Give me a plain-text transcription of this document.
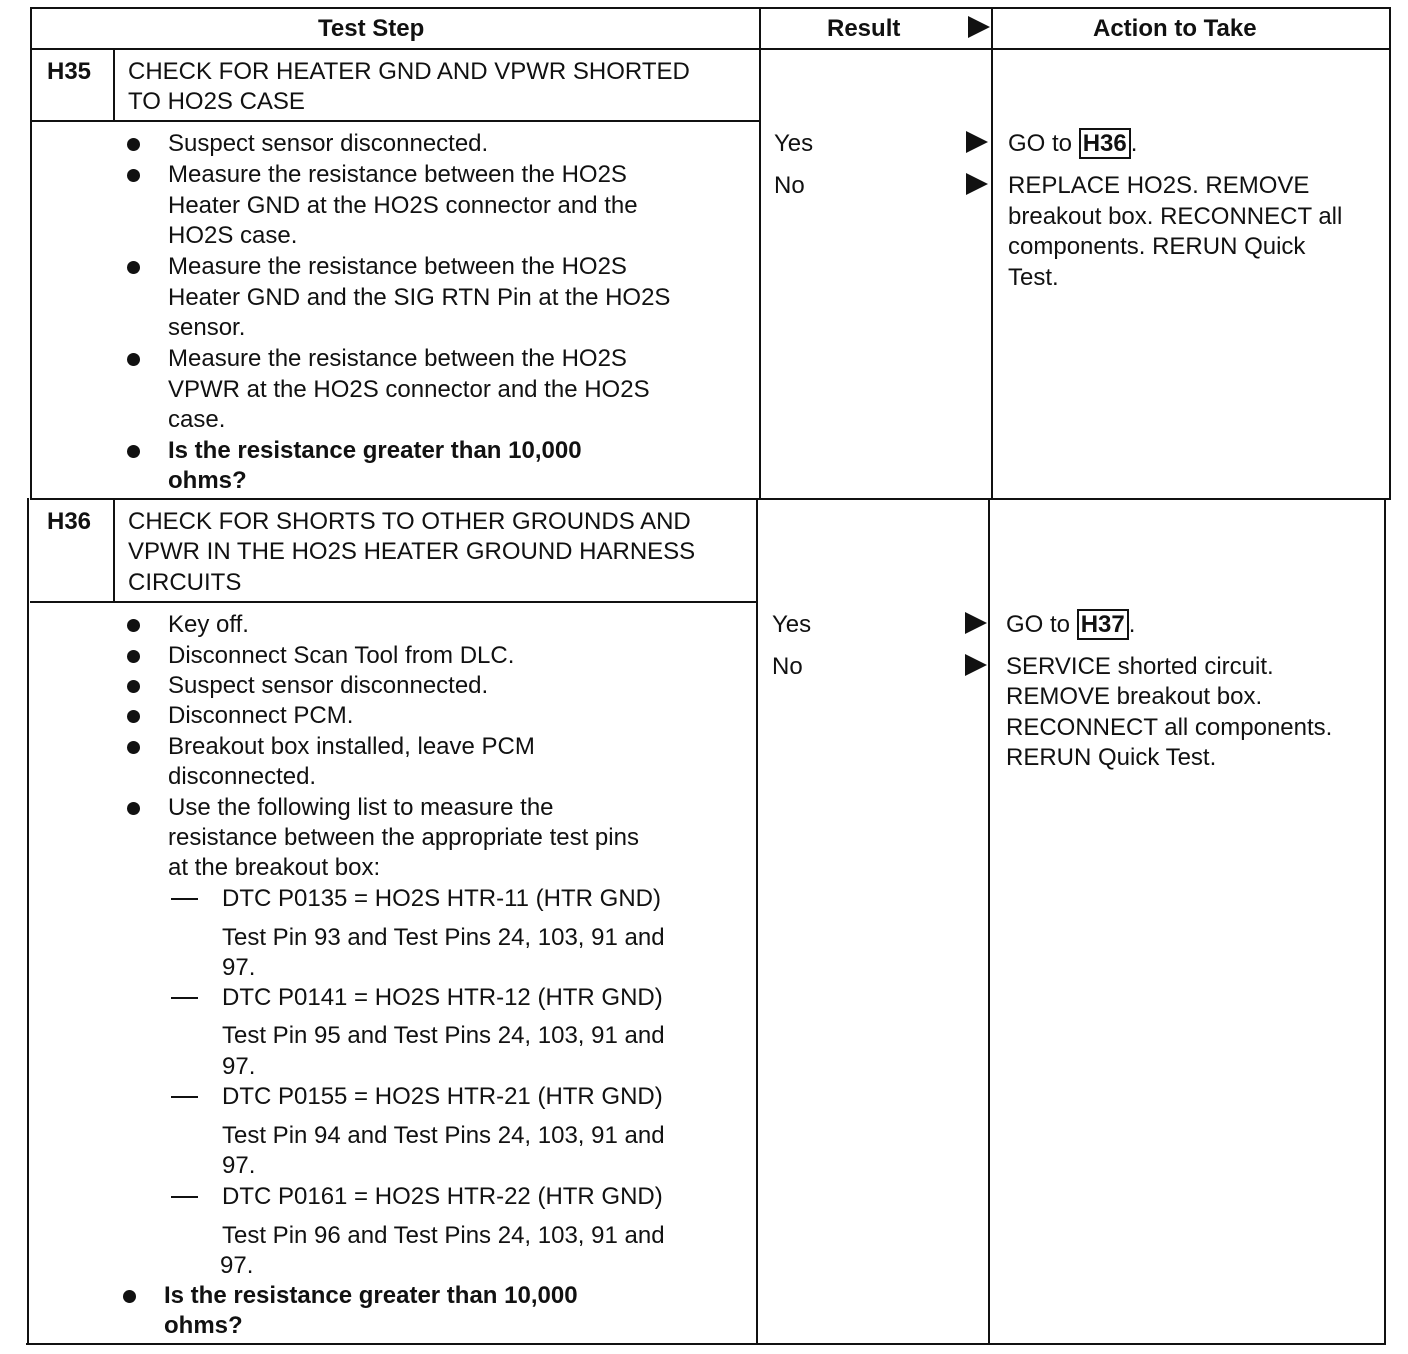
Test Step	Result	Action to Take
H35 CHECK FOR HEATER GND AND VPWR SHORTED
TO HO2S CASE
Suspect sensor disconnected.
Measure the resistance between the HO2S
Heater GND at the HO2S connector and the
HO2S case.
Measure the resistance between the HO2S
Heater GND and the SIG RTN Pin at the HO2S
sensor.
Measure the resistance between the HO2S
VPWR at the HO2S connector and the HO2S
case.
Is the resistance greater than 10,000
ohms?
Yes	GO to H36 .
No	REPLACE HO2S. REMOVE
breakout box. RECONNECT all
components. RERUN Quick
Test.
H36 CHECK FOR SHORTS TO OTHER GROUNDS AND
VPWR IN THE HO2S HEATER GROUND HARNESS
CIRCUITS
Key off.
Disconnect Scan Tool from DLC.
Suspect sensor disconnected.
Disconnect PCM.
Breakout box installed, leave PCM
disconnected.
Use the following list to measure the
resistance between the appropriate test pins
at the breakout box:
DTC P0135 = HO2S HTR-11 (HTR GND)
Test Pin 93 and Test Pins 24, 103, 91 and
97.
DTC P0141 = HO2S HTR-12 (HTR GND)
Test Pin 95 and Test Pins 24, 103, 91 and
97.
DTC P0155 = HO2S HTR-21 (HTR GND)
Test Pin 94 and Test Pins 24, 103, 91 and
97.
DTC P0161 = HO2S HTR-22 (HTR GND)
Test Pin 96 and Test Pins 24, 103, 91 and
97.
Is the resistance greater than 10,000
ohms?
Yes	GO to H37 .
No	SERVICE shorted circuit.
REMOVE breakout box.
RECONNECT all components.
RERUN Quick Test.
